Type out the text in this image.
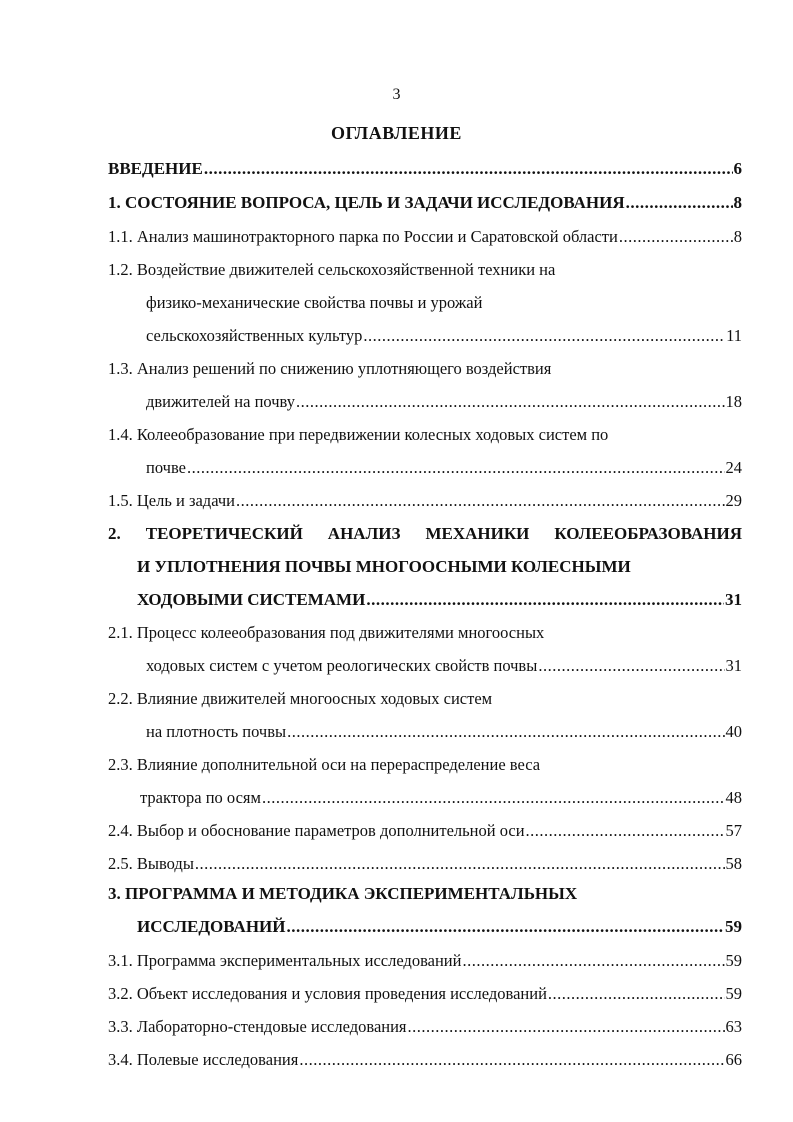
3
ОГЛАВЛЕНИЕ
ВВЕДЕНИЕ .....	6
1. СОСТОЯНИЕ ВОПРОСА, ЦЕЛЬ И ЗАДАЧИ ИССЛЕДОВАНИЯ .....	8
1.1. Анализ машинотракторного парка по России и Саратовской области .....	8
1.2. Воздействие движителей сельскохозяйственной техники на
физико-механические свойства почвы и урожай
сельскохозяйственных культур .....	11
1.3. Анализ решений по снижению уплотняющего воздействия
движителей на почву .....	18
1.4. Колееобразование при передвижении колесных ходовых систем по
почве .....	24
1.5. Цель и задачи .....	29
2. ТЕОРЕТИЧЕСКИЙ АНАЛИЗ МЕХАНИКИ КОЛЕЕОБРАЗОВАНИЯ
И УПЛОТНЕНИЯ ПОЧВЫ МНОГООСНЫМИ КОЛЕСНЫМИ
ХОДОВЫМИ СИСТЕМАМИ .....	31
2.1. Процесс колееобразования под движителями многоосных
ходовых систем с учетом реологических свойств почвы .....	31
2.2. Влияние движителей многоосных ходовых систем
на плотность почвы .....	40
2.3. Влияние дополнительной оси на перераспределение веса
трактора по осям .....	48
2.4. Выбор и обоснование параметров дополнительной оси .....	57
2.5. Выводы .....	58
3. ПРОГРАММА И МЕТОДИКА ЭКСПЕРИМЕНТАЛЬНЫХ
ИССЛЕДОВАНИЙ .....	59
3.1. Программа экспериментальных исследований .....	59
3.2. Объект исследования и условия проведения исследований .....	59
3.3. Лабораторно-стендовые исследования .....	63
3.4. Полевые исследования .....	66
